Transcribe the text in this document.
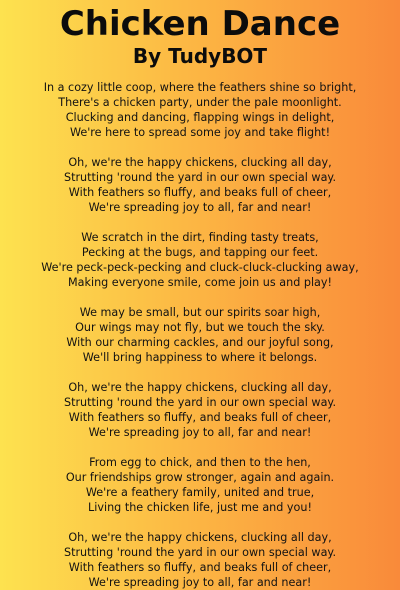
Chicken Dance
By TudyBOT
In a cozy little coop, where the feathers shine so bright,
There's a chicken party, under the pale moonlight.
Clucking and dancing, flapping wings in delight,
We're here to spread some joy and take flight!
Oh, we're the happy chickens, clucking all day,
Strutting 'round the yard in our own special way.
With feathers so fluffy, and beaks full of cheer,
We're spreading joy to all, far and near!
We scratch in the dirt, finding tasty treats,
Pecking at the bugs, and tapping our feet.
We're peck-peck-pecking and cluck-cluck-clucking away,
Making everyone smile, come join us and play!
We may be small, but our spirits soar high,
Our wings may not fly, but we touch the sky.
With our charming cackles, and our joyful song,
We'll bring happiness to where it belongs.
Oh, we're the happy chickens, clucking all day,
Strutting 'round the yard in our own special way.
With feathers so fluffy, and beaks full of cheer,
We're spreading joy to all, far and near!
From egg to chick, and then to the hen,
Our friendships grow stronger, again and again.
We're a feathery family, united and true,
Living the chicken life, just me and you!
Oh, we're the happy chickens, clucking all day,
Strutting 'round the yard in our own special way.
With feathers so fluffy, and beaks full of cheer,
We're spreading joy to all, far and near!
